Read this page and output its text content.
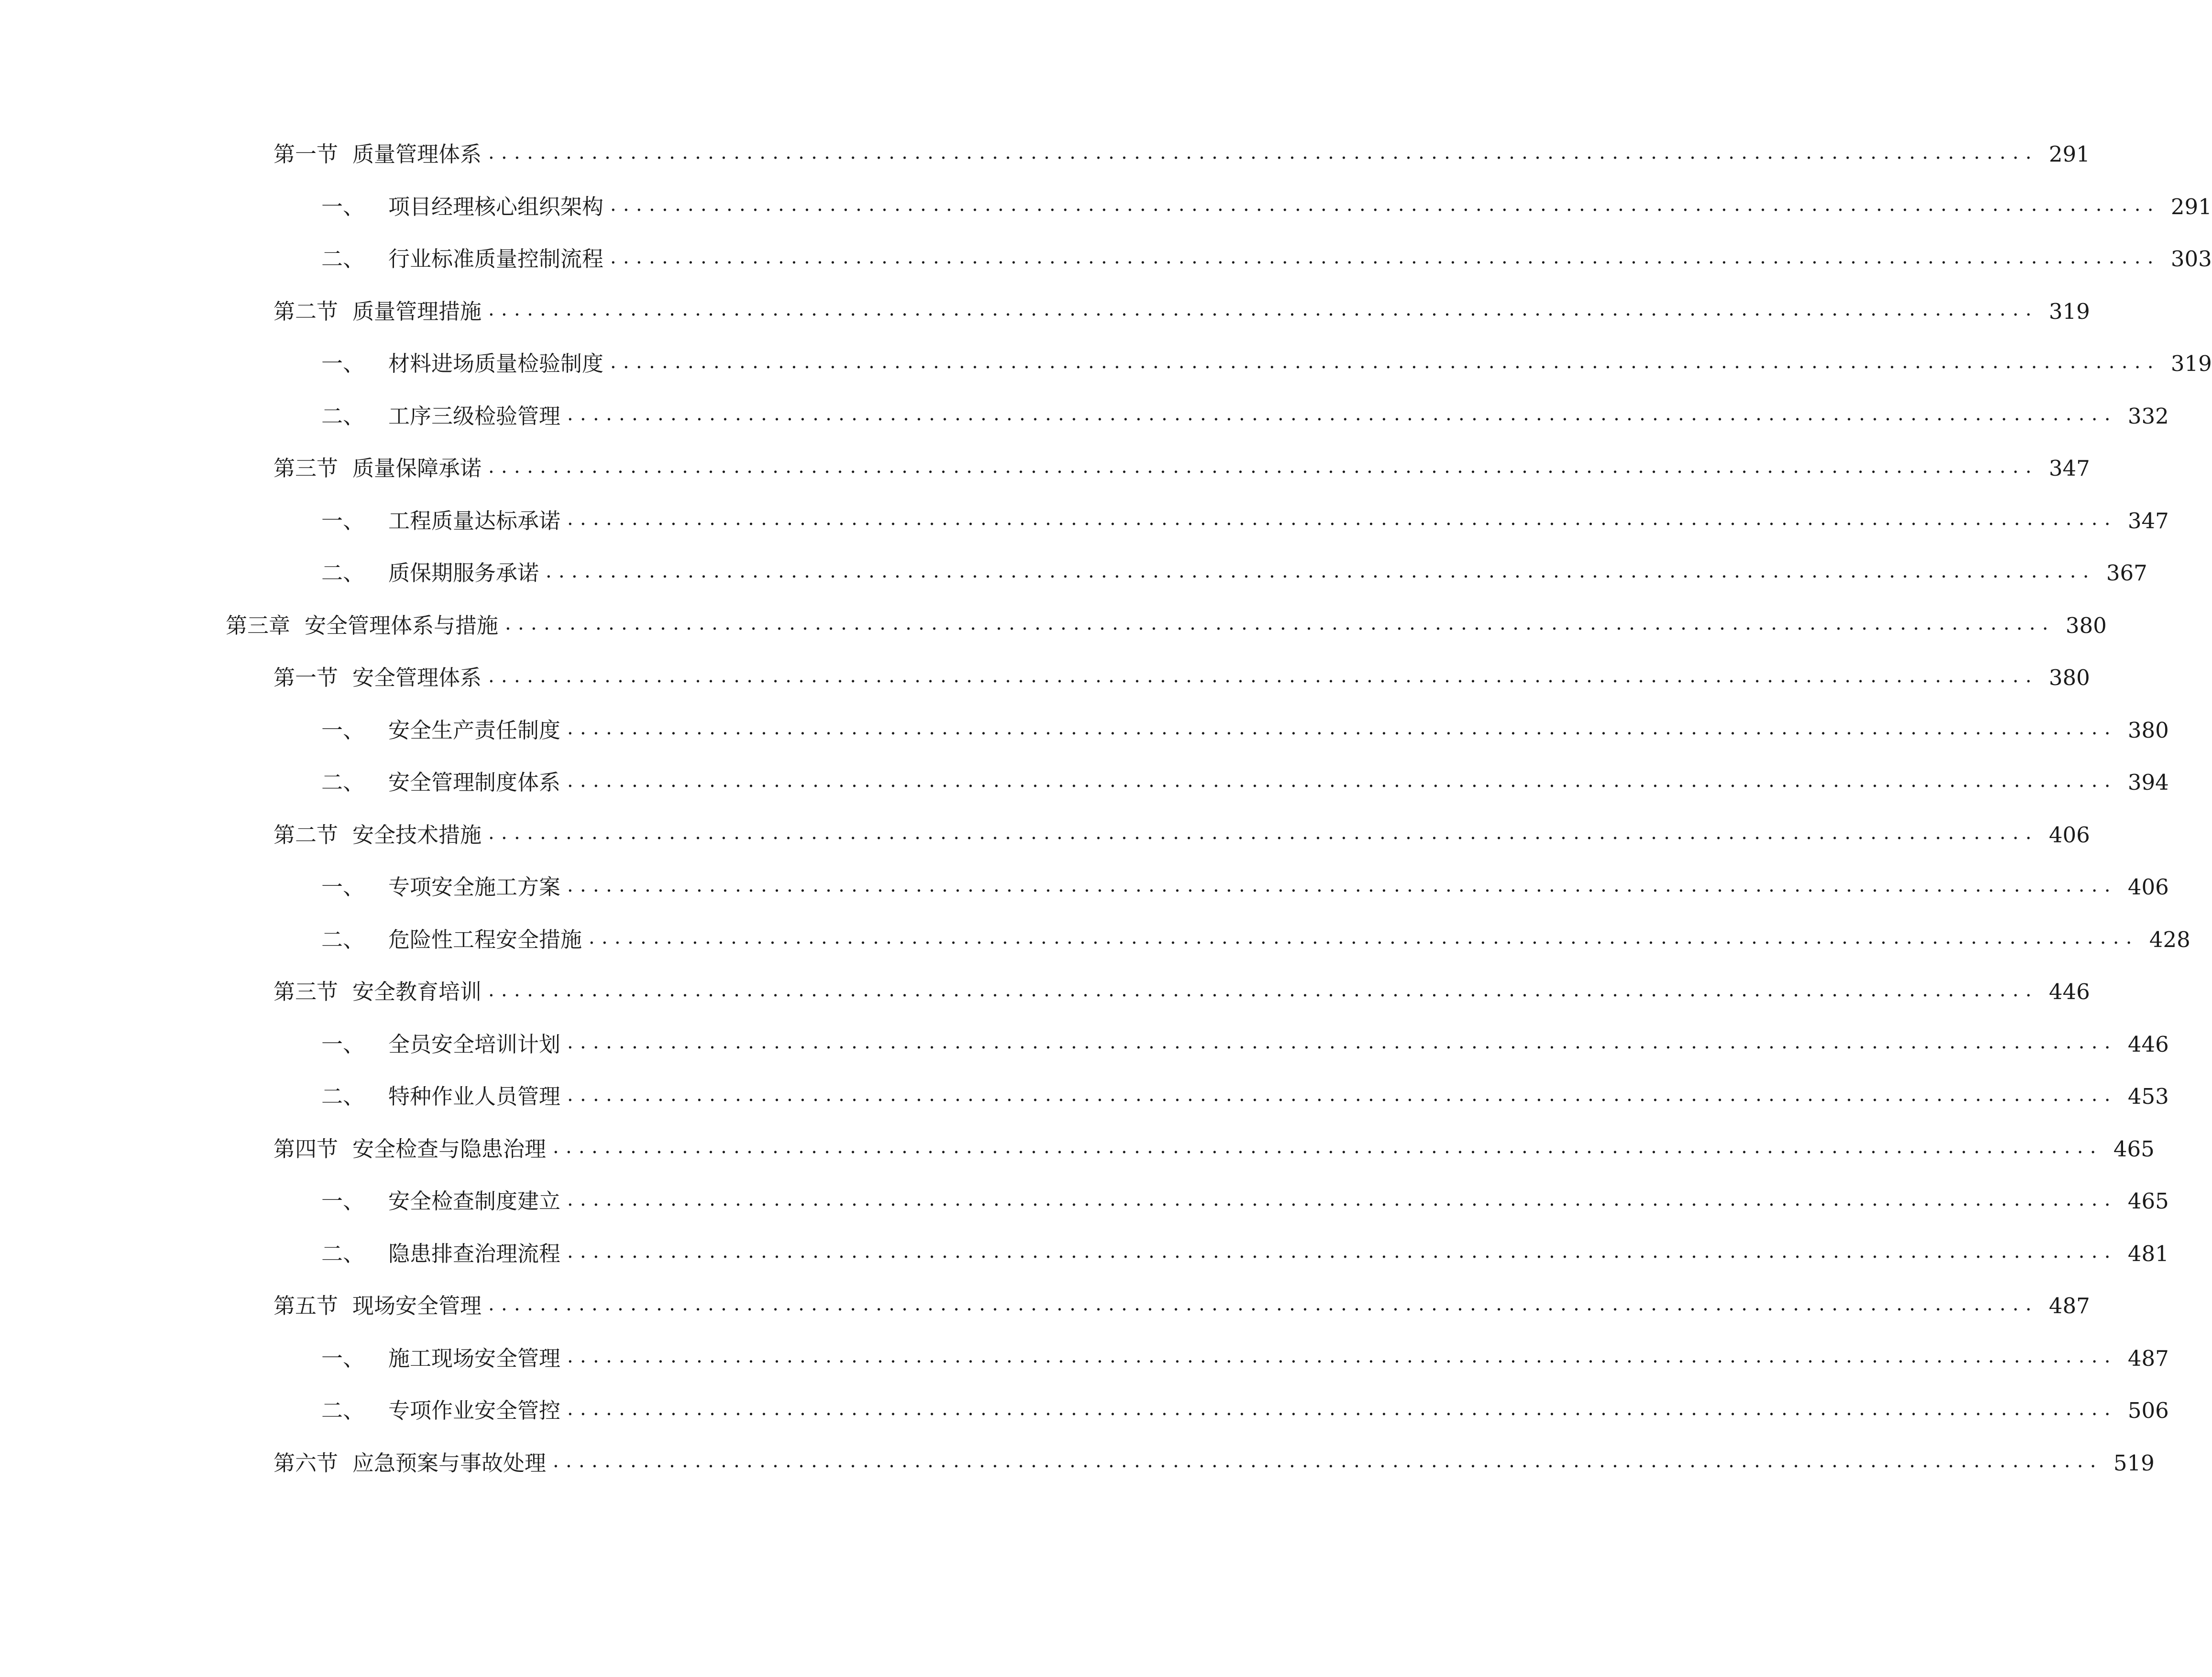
第一节 质量管理体系 ........................................................................................................................ 291
一、 项目经理核心组织架构 ........................................................................................................................ 291
二、 行业标准质量控制流程 ........................................................................................................................ 303
第二节 质量管理措施 ........................................................................................................................ 319
一、 材料进场质量检验制度 ........................................................................................................................ 319
二、 工序三级检验管理 ........................................................................................................................ 332
第三节 质量保障承诺 ........................................................................................................................ 347
一、 工程质量达标承诺 ........................................................................................................................ 347
二、 质保期服务承诺 ........................................................................................................................ 367
第三章 安全管理体系与措施 ........................................................................................................................ 380
第一节 安全管理体系 ........................................................................................................................ 380
一、 安全生产责任制度 ........................................................................................................................ 380
二、 安全管理制度体系 ........................................................................................................................ 394
第二节 安全技术措施 ........................................................................................................................ 406
一、 专项安全施工方案 ........................................................................................................................ 406
二、 危险性工程安全措施 ........................................................................................................................ 428
第三节 安全教育培训 ........................................................................................................................ 446
一、 全员安全培训计划 ........................................................................................................................ 446
二、 特种作业人员管理 ........................................................................................................................ 453
第四节 安全检查与隐患治理 ........................................................................................................................ 465
一、 安全检查制度建立 ........................................................................................................................ 465
二、 隐患排查治理流程 ........................................................................................................................ 481
第五节 现场安全管理 ........................................................................................................................ 487
一、 施工现场安全管理 ........................................................................................................................ 487
二、 专项作业安全管控 ........................................................................................................................ 506
第六节 应急预案与事故处理 ........................................................................................................................ 519
